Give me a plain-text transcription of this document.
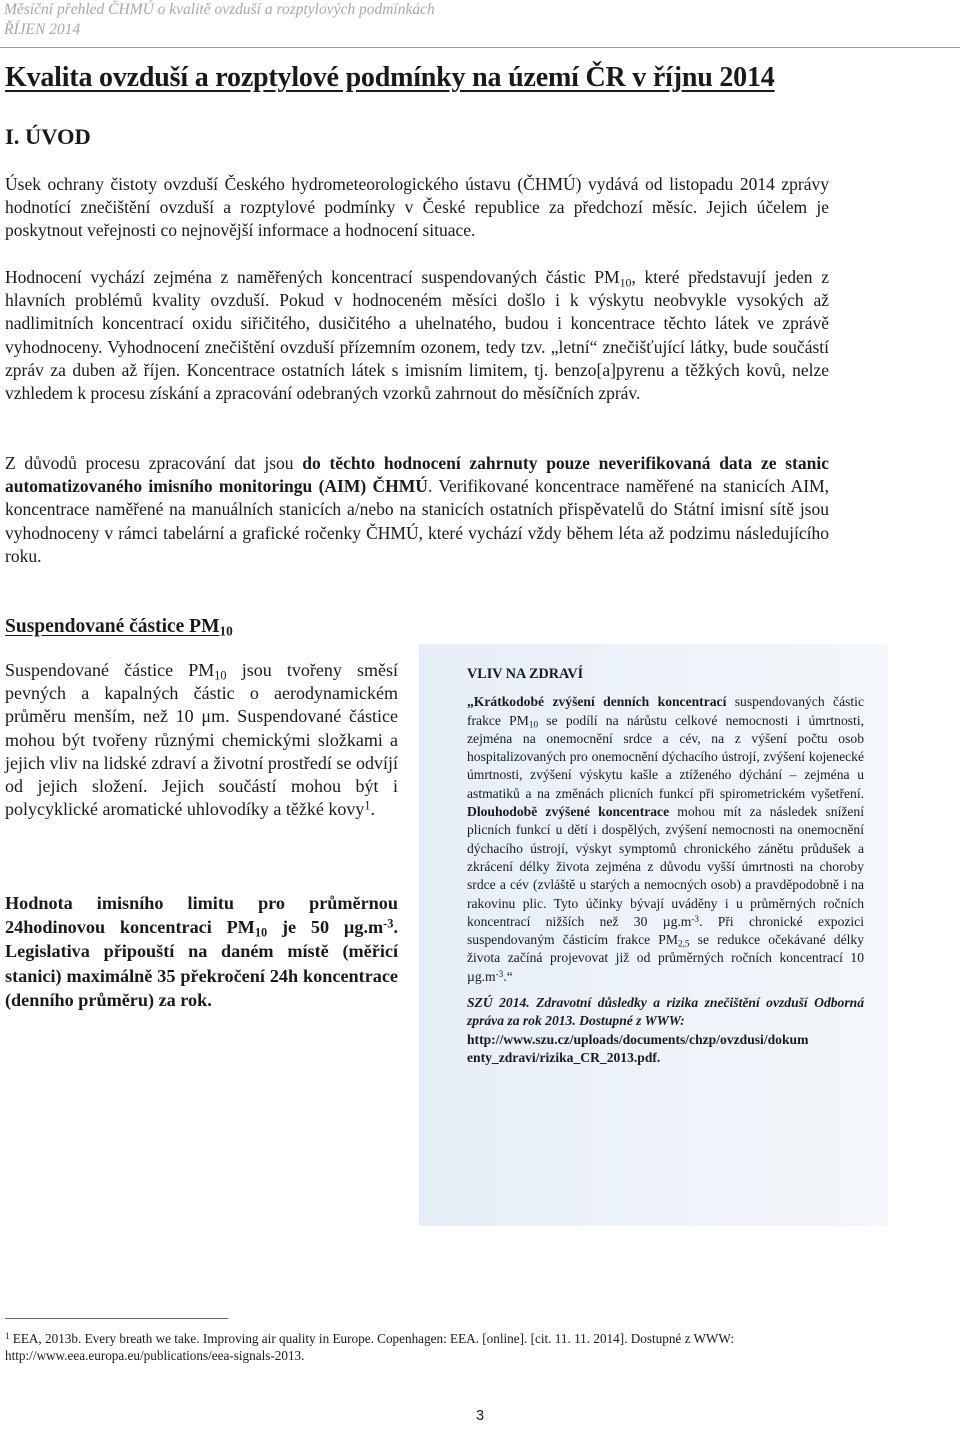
Měsíční přehled ČHMÚ o kvalitě ovzduší a rozptylových podmínkách
ŘÍJEN 2014
Kvalita ovzduší a rozptylové podmínky na území ČR v říjnu 2014
I. ÚVOD

Úsek ochrany čistoty ovzduší Českého hydrometeorologického ústavu (ČHMÚ) vydává od listopadu 2014 zprávy hodnotící znečištění ovzduší a rozptylové podmínky v České republice za předchozí měsíc. Jejich účelem je poskytnout veřejnosti co nejnovější informace a hodnocení situace.

Hodnocení vychází zejména z naměřených koncentrací suspendovaných částic $PM_{10}$, které představují jeden z hlavních problémů kvality ovzduší. Pokud v hodnoceném měsíci došlo i k výskytu neobvykle vysokých až nadlimitních koncentrací oxidu siřičitého, dusičitého a uhelnatého, budou i koncentrace těchto látek ve zprávě vyhodnoceny. Vyhodnocení znečištění ovzduší přízemním ozonem, tedy tzv. „letní“ znečišťující látky, bude součástí zpráv za duben až říjen. Koncentrace ostatních látek s imisním limitem, tj. benzo[a]pyrenu a těžkých kovů, nelze vzhledem k procesu získání a zpracování odebraných vzorků zahrnout do měsíčních zpráv.

Z důvodů procesu zpracování dat jsou do těchto hodnocení zahrnuty pouze neverifikovaná data ze stanic automatizovaného imisního monitoringu (AIM) ČHMÚ. Verifikované koncentrace naměřené na stanicích AIM, koncentrace naměřené na manuálních stanicích a/nebo na stanicích ostatních přispěvatelů do Státní imisní sítě jsou vyhodnoceny v rámci tabelární a grafické ročenky ČHMÚ, které vychází vždy během léta až podzimu následujícího roku.

Suspendované částice $PM_{10}$

Suspendované částice $PM_{10}$ jsou tvořeny směsí pevných a kapalných částic o aerodynamickém průměru menším, než 10 μm. Suspendované částice mohou být tvořeny různými chemickými složkami a jejich vliv na lidské zdraví a životní prostředí se odvíjí od jejich složení. Jejich součástí mohou být i polycyklické aromatické uhlovodíky a těžké kovy$^1$.

Hodnota imisního limitu pro průměrnou 24hodinovou koncentraci $PM_{10}$ je 50 $\mu g.m^{-3}$. Legislativa připouští na daném místě (měřicí stanici) maximálně 35 překročení 24h koncentrace (denního průměru) za rok.

VLIV NA ZDRAVÍ

„Krátkodobé zvýšení denních koncentrací suspendovaných částic frakce $PM_{10}$ se podílí na nárůstu celkové nemocnosti i úmrtnosti, zejména na onemocnění srdce a cév, na z výšení počtu osob hospitalizovaných pro onemocnění dýchacího ústrojí, zvýšení kojenecké úmrtnosti, zvýšení výskytu kašle a ztíženého dýchání – zejména u astmatiků a na změnách plicních funkcí při spirometrickém vyšetření. Dlouhodobě zvýšené koncentrace mohou mít za následek snížení plicních funkcí u dětí i dospělých, zvýšení nemocnosti na onemocnění dýchacího ústrojí, výskyt symptomů chronického zánětu průdušek a zkrácení délky života zejména z důvodu vyšší úmrtnosti na choroby srdce a cév (zvláště u starých a nemocných osob) a pravděpodobně i na rakovinu plic. Tyto účinky bývají uváděny i u průměrných ročních koncentrací nižších než 30 $\mu g.m^{-3}$. Při chronické expozici suspendovaným částicím frakce $PM_{2,5}$ se redukce očekávané délky života začíná projevovat již od průměrných ročních koncentrací 10 $\mu g.m^{-3}.“$

SZÚ 2014. Zdravotní důsledky a rizika znečištění ovzduší Odborná zpráva za rok 2013. Dostupné z WWW:
http://www.szu.cz/uploads/documents/chzp/ovzdusi/dokum enty_zdravi/rizika_CR_2013.pdf.

$^1$ EEA, 2013b. Every breath we take. Improving air quality in Europe. Copenhagen: EEA. [online]. [cit. 11. 11. 2014]. Dostupné z WWW: http://www.eea.europa.eu/publications/eea-signals-2013.

3
